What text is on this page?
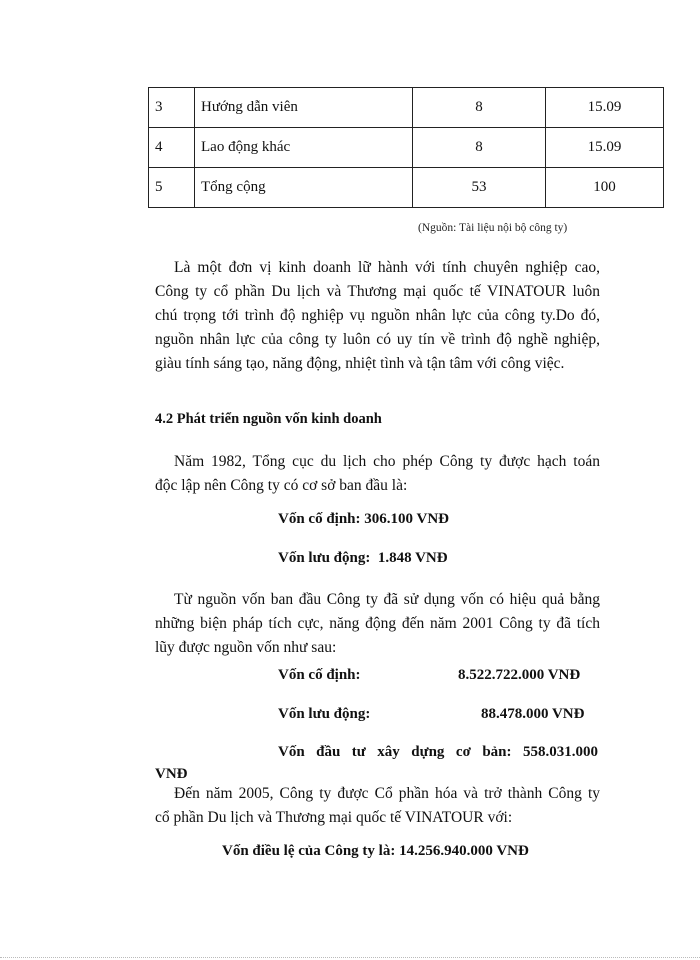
3	Hướng dẫn viên	8	15.09
4	Lao động khác	8	15.09
5	Tổng cộng	53	100
(Nguồn: Tài liệu nội bộ công ty)

Là một đơn vị kinh doanh lữ hành với tính chuyên nghiệp cao,
Công ty cổ phần Du lịch và Thương mại quốc tế VINATOUR luôn
chú trọng tới trình độ nghiệp vụ nguồn nhân lực của công ty.Do đó,
nguồn nhân lực của công ty luôn có uy tín về trình độ nghề nghiệp,
giàu tính sáng tạo, năng động, nhiệt tình và tận tâm với công việc.

4.2 Phát triển nguồn vốn kinh doanh

Năm 1982, Tổng cục du lịch cho phép Công ty được hạch toán
độc lập nên Công ty có cơ sở ban đầu là:

Vốn cố định: 306.100 VNĐ
Vốn lưu động:  1.848 VNĐ

Từ nguồn vốn ban đầu Công ty đã sử dụng vốn có hiệu quả bằng
những biện pháp tích cực, năng động đến năm 2001 Công ty đã tích
lũy được nguồn vốn như sau:

Vốn cố định:	8.522.722.000 VNĐ
Vốn lưu động:	88.478.000 VNĐ
Vốn đầu tư xây dựng cơ bản: 558.031.000
VNĐ

Đến năm 2005, Công ty được Cổ phần hóa và trở thành Công ty
cổ phần Du lịch và Thương mại quốc tế VINATOUR với:

Vốn điều lệ của Công ty là: 14.256.940.000 VNĐ
